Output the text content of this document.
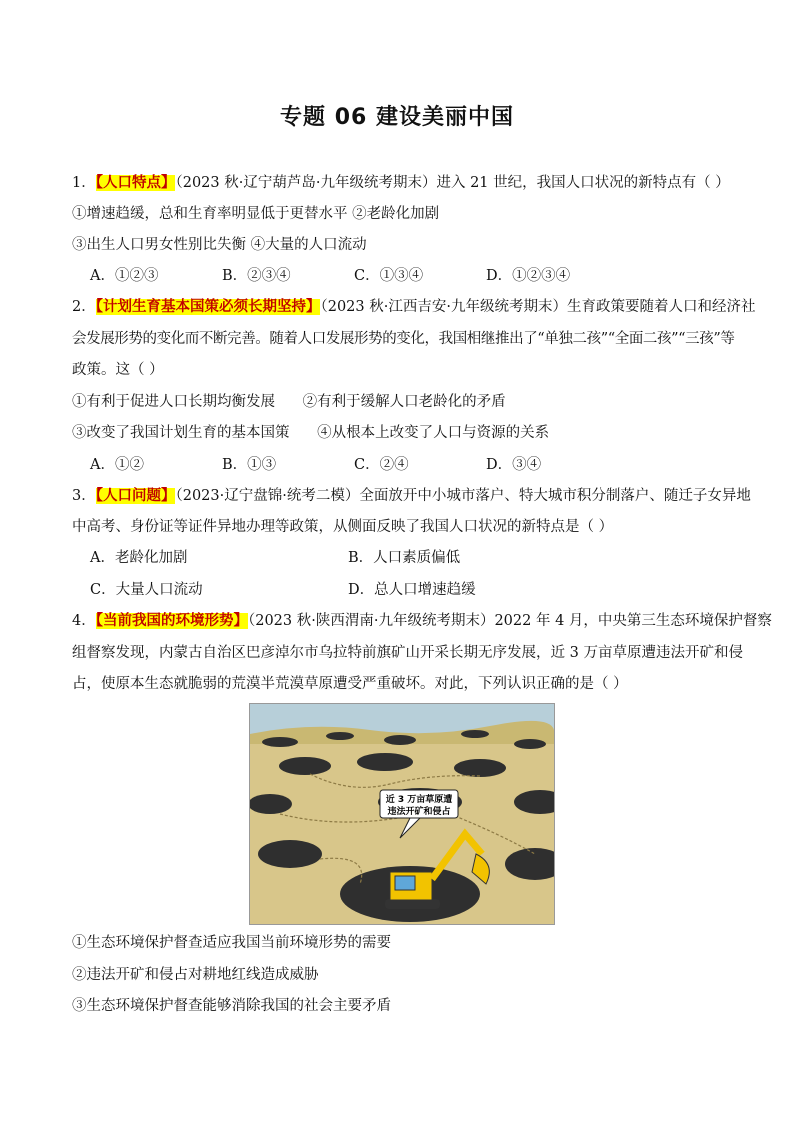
专题 06 建设美丽中国
1．【人口特点】（2023 秋·辽宁葫芦岛·九年级统考期末）进入 21 世纪，我国人口状况的新特点有（ ）
①增速趋缓，总和生育率明显低于更替水平 ②老龄化加剧
③出生人口男女性别比失衡 ④大量的人口流动
A．①②③	B．②③④	C．①③④	D．①②③④
2．【计划生育基本国策必须长期坚持】（2023 秋·江西吉安·九年级统考期末）生育政策要随着人口和经济社
会发展形势的变化而不断完善。随着人口发展形势的变化，我国相继推出了“单独二孩”“全面二孩”“三孩”等
政策。这（ ）
①有利于促进人口长期均衡发展      ②有利于缓解人口老龄化的矛盾
③改变了我国计划生育的基本国策      ④从根本上改变了人口与资源的关系
A．①②	B．①③	C．②④	D．③④
3．【人口问题】（2023·辽宁盘锦·统考二模）全面放开中小城市落户、特大城市积分制落户、随迁子女异地
中高考、身份证等证件异地办理等政策，从侧面反映了我国人口状况的新特点是（ ）
A．老龄化加剧	B．人口素质偏低
C．大量人口流动	D．总人口增速趋缓
4．【当前我国的环境形势】（2023 秋·陕西渭南·九年级统考期末）2022 年 4 月，中央第三生态环境保护督察
组督察发现，内蒙古自治区巴彦淖尔市乌拉特前旗矿山开采长期无序发展，近 3 万亩草原遭违法开矿和侵
占，使原本生态就脆弱的荒漠半荒漠草原遭受严重破坏。对此，下列认识正确的是（ ）
近 3 万亩草原遭
违法开矿和侵占
①生态环境保护督查适应我国当前环境形势的需要
②违法开矿和侵占对耕地红线造成威胁
③生态环境保护督查能够消除我国的社会主要矛盾
